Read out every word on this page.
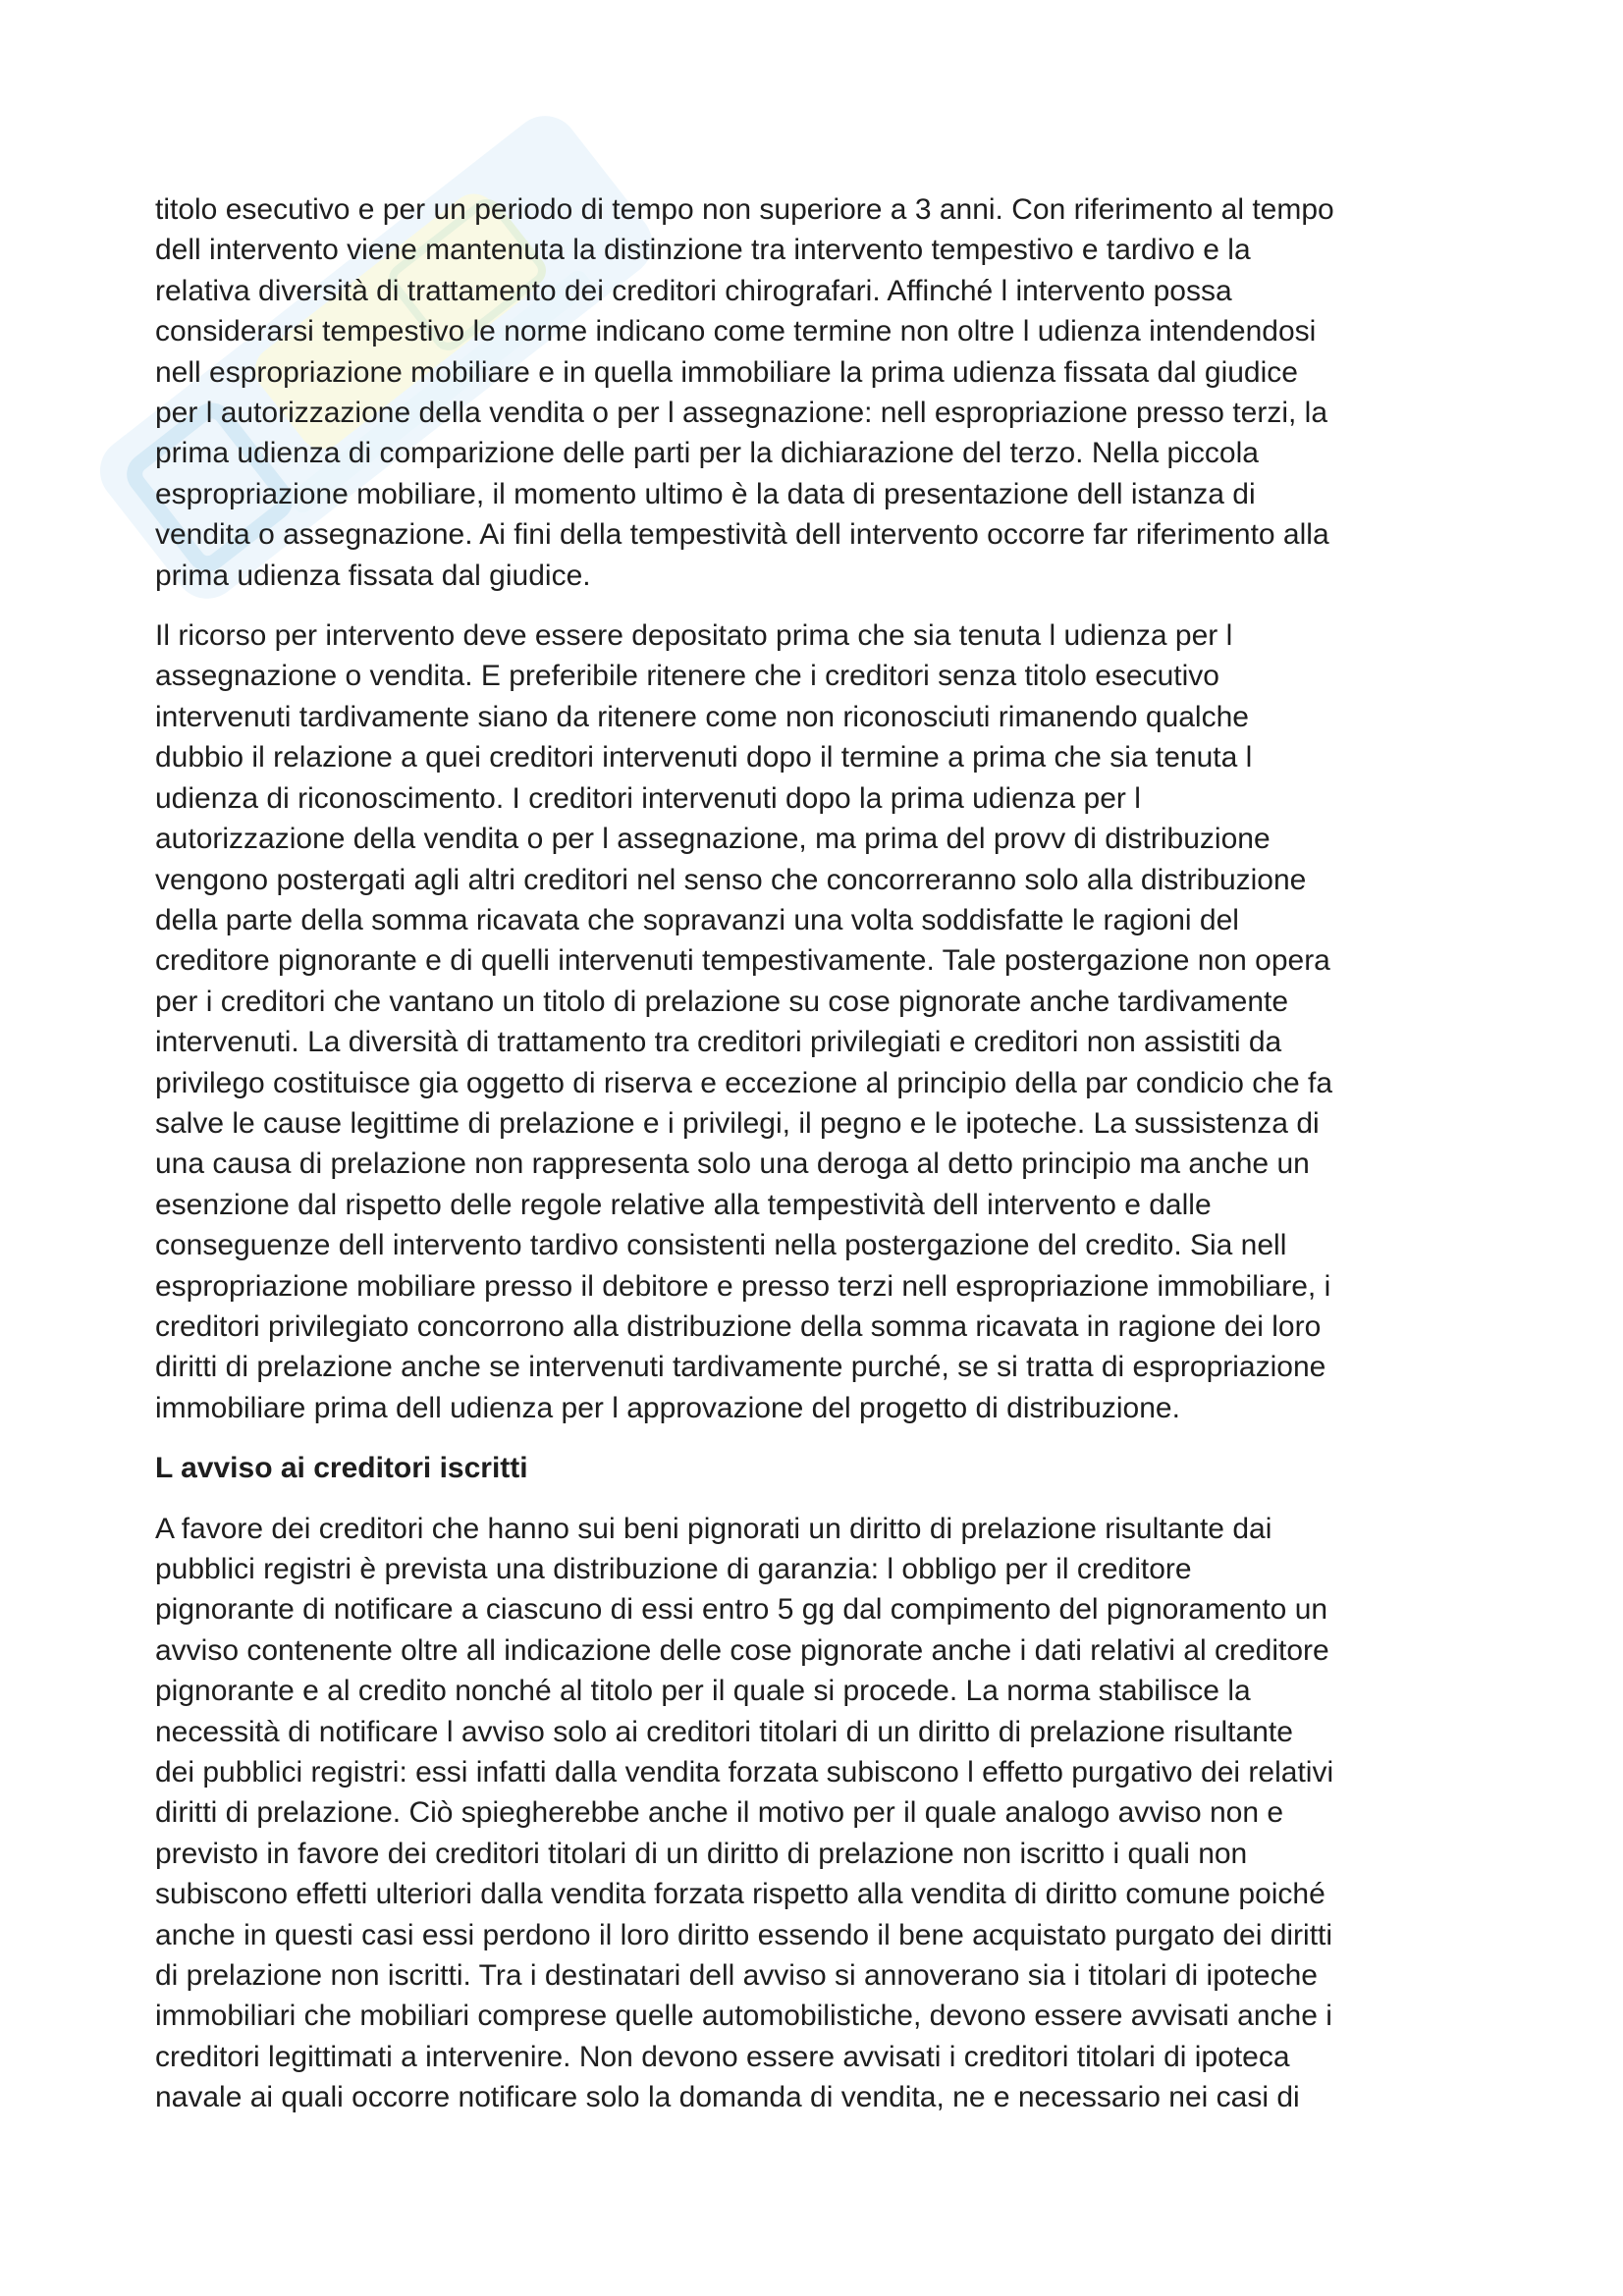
titolo esecutivo e per un periodo di tempo non superiore a 3 anni. Con riferimento al tempo
dell intervento viene mantenuta la distinzione tra intervento tempestivo e tardivo e la
relativa diversità di trattamento dei creditori chirografari. Affinché l intervento possa
considerarsi tempestivo le norme indicano come termine non oltre l udienza intendendosi
nell espropriazione mobiliare e in quella immobiliare la prima udienza fissata dal giudice
per l autorizzazione della vendita o per l assegnazione: nell espropriazione presso terzi, la
prima udienza di comparizione delle parti per la dichiarazione del terzo. Nella piccola
espropriazione mobiliare, il momento ultimo è la data di presentazione dell istanza di
vendita o assegnazione. Ai fini della tempestività dell intervento occorre far riferimento alla
prima udienza fissata dal giudice.
Il ricorso per intervento deve essere depositato prima che sia tenuta l udienza per l
assegnazione o vendita. E preferibile ritenere che i creditori senza titolo esecutivo
intervenuti tardivamente siano da ritenere come non riconosciuti rimanendo qualche
dubbio il relazione a quei creditori intervenuti dopo il termine a prima che sia tenuta l
udienza di riconoscimento. I creditori intervenuti dopo la prima udienza per l
autorizzazione della vendita o per l assegnazione, ma prima del provv di distribuzione
vengono postergati agli altri creditori nel senso che concorreranno solo alla distribuzione
della parte della somma ricavata che sopravanzi una volta soddisfatte le ragioni del
creditore pignorante e di quelli intervenuti tempestivamente. Tale postergazione non opera
per i creditori che vantano un titolo di prelazione su cose pignorate anche tardivamente
intervenuti. La diversità di trattamento tra creditori privilegiati e creditori non assistiti da
privilego costituisce gia oggetto di riserva e eccezione al principio della par condicio che fa
salve le cause legittime di prelazione e i privilegi, il pegno e le ipoteche. La sussistenza di
una causa di prelazione non rappresenta solo una deroga al detto principio ma anche un
esenzione dal rispetto delle regole relative alla tempestività dell intervento e dalle
conseguenze dell intervento tardivo consistenti nella postergazione del credito. Sia nell
espropriazione mobiliare presso il debitore e presso terzi nell espropriazione immobiliare, i
creditori privilegiato concorrono alla distribuzione della somma ricavata in ragione dei loro
diritti di prelazione anche se intervenuti tardivamente purché, se si tratta di espropriazione
immobiliare prima dell udienza per l approvazione del progetto di distribuzione.
L avviso ai creditori iscritti
A favore dei creditori che hanno sui beni pignorati un diritto di prelazione risultante dai
pubblici registri è prevista una distribuzione di garanzia: l obbligo per il creditore
pignorante di notificare a ciascuno di essi entro 5 gg dal compimento del pignoramento un
avviso contenente oltre all indicazione delle cose pignorate anche i dati relativi al creditore
pignorante e al credito nonché al titolo per il quale si procede. La norma stabilisce la
necessità di notificare l avviso solo ai creditori titolari di un diritto di prelazione risultante
dei pubblici registri: essi infatti dalla vendita forzata subiscono l effetto purgativo dei relativi
diritti di prelazione. Ciò spiegherebbe anche il motivo per il quale analogo avviso non e
previsto in favore dei creditori titolari di un diritto di prelazione non iscritto i quali non
subiscono effetti ulteriori dalla vendita forzata rispetto alla vendita di diritto comune poiché
anche in questi casi essi perdono il loro diritto essendo il bene acquistato purgato dei diritti
di prelazione non iscritti. Tra i destinatari dell avviso si annoverano sia i titolari di ipoteche
immobiliari che mobiliari comprese quelle automobilistiche, devono essere avvisati anche i
creditori legittimati a intervenire. Non devono essere avvisati i creditori titolari di ipoteca
navale ai quali occorre notificare solo la domanda di vendita, ne e necessario nei casi di
